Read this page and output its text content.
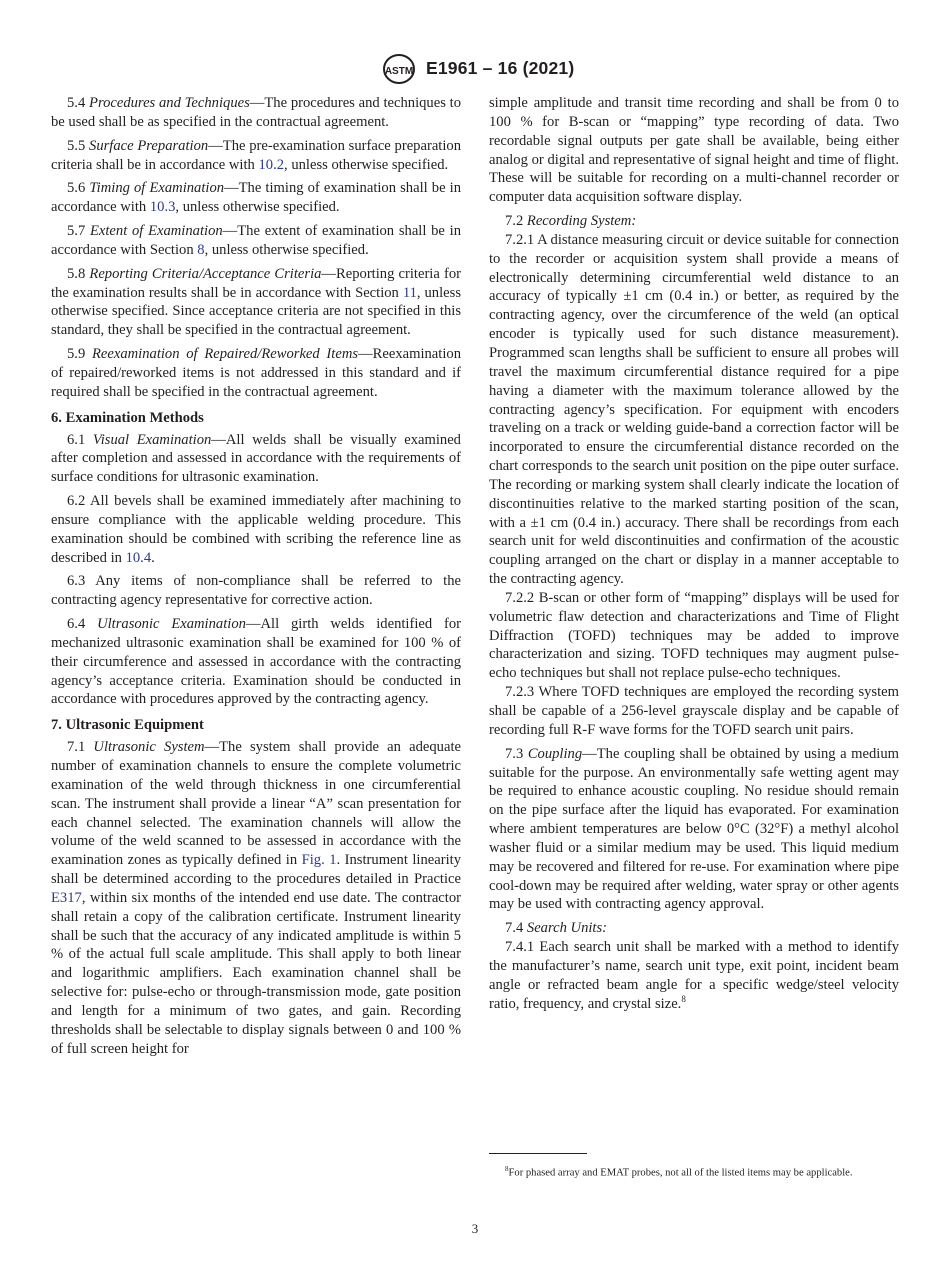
ASTM E1961 – 16 (2021)

5.4 Procedures and Techniques—The procedures and techniques to be used shall be as specified in the contractual agreement.

5.5 Surface Preparation—The pre-examination surface preparation criteria shall be in accordance with 10.2, unless otherwise specified.

5.6 Timing of Examination—The timing of examination shall be in accordance with 10.3, unless otherwise specified.

5.7 Extent of Examination—The extent of examination shall be in accordance with Section 8, unless otherwise specified.

5.8 Reporting Criteria/Acceptance Criteria—Reporting criteria for the examination results shall be in accordance with Section 11, unless otherwise specified. Since acceptance criteria are not specified in this standard, they shall be specified in the contractual agreement.

5.9 Reexamination of Repaired/Reworked Items—Reexamination of repaired/reworked items is not addressed in this standard and if required shall be specified in the contractual agreement.

6. Examination Methods

6.1 Visual Examination—All welds shall be visually examined after completion and assessed in accordance with the requirements of surface conditions for ultrasonic examination.

6.2 All bevels shall be examined immediately after machining to ensure compliance with the applicable welding procedure. This examination should be combined with scribing the reference line as described in 10.4.

6.3 Any items of non-compliance shall be referred to the contracting agency representative for corrective action.

6.4 Ultrasonic Examination—All girth welds identified for mechanized ultrasonic examination shall be examined for 100 % of their circumference and assessed in accordance with the contracting agency’s acceptance criteria. Examination should be conducted in accordance with procedures approved by the contracting agency.

7. Ultrasonic Equipment

7.1 Ultrasonic System—The system shall provide an adequate number of examination channels to ensure the complete volumetric examination of the weld through thickness in one circumferential scan. The instrument shall provide a linear “A” scan presentation for each channel selected. The examination channels will allow the volume of the weld scanned to be assessed in accordance with the examination zones as typically defined in Fig. 1. Instrument linearity shall be determined according to the procedures detailed in Practice E317, within six months of the intended end use date. The contractor shall retain a copy of the calibration certificate. Instrument linearity shall be such that the accuracy of any indicated amplitude is within 5 % of the actual full scale amplitude. This shall apply to both linear and logarithmic amplifiers. Each examination channel shall be selective for: pulse-echo or through-transmission mode, gate position and length for a minimum of two gates, and gain. Recording thresholds shall be selectable to display signals between 0 and 100 % of full screen height for

simple amplitude and transit time recording and shall be from 0 to 100 % for B-scan or “mapping” type recording of data. Two recordable signal outputs per gate shall be available, being either analog or digital and representative of signal height and time of flight. These will be suitable for recording on a multi-channel recorder or computer data acquisition software display.

7.2 Recording System:

7.2.1 A distance measuring circuit or device suitable for connection to the recorder or acquisition system shall provide a means of electronically determining circumferential weld distance to an accuracy of typically ±1 cm (0.4 in.) or better, as required by the contracting agency, over the circumference of the weld (an optical encoder is typically used for such distance measurement). Programmed scan lengths shall be sufficient to ensure all probes will travel the maximum circumferential distance required for a pipe having a diameter with the maximum tolerance allowed by the contracting agency’s specification. For equipment with encoders traveling on a track or welding guide-band a correction factor will be incorporated to ensure the circumferential distance recorded on the chart corresponds to the search unit position on the pipe outer surface. The recording or marking system shall clearly indicate the location of discontinuities relative to the marked starting position of the scan, with a ±1 cm (0.4 in.) accuracy. There shall be recordings from each search unit for weld discontinuities and confirmation of the acoustic coupling arranged on the chart or display in a manner acceptable to the contracting agency.

7.2.2 B-scan or other form of “mapping” displays will be used for volumetric flaw detection and characterizations and Time of Flight Diffraction (TOFD) techniques may be added to improve characterization and sizing. TOFD techniques may augment pulse-echo techniques but shall not replace pulse-echo techniques.

7.2.3 Where TOFD techniques are employed the recording system shall be capable of a 256-level grayscale display and be capable of recording full R-F wave forms for the TOFD search unit pairs.

7.3 Coupling—The coupling shall be obtained by using a medium suitable for the purpose. An environmentally safe wetting agent may be required to enhance acoustic coupling. No residue should remain on the pipe surface after the liquid has evaporated. For examination where ambient temperatures are below 0°C (32°F) a methyl alcohol washer fluid or a similar medium may be used. This liquid medium may be recovered and filtered for re-use. For examination where pipe cool-down may be required after welding, water spray or other agents may be used with contracting agency approval.

7.4 Search Units:

7.4.1 Each search unit shall be marked with a method to identify the manufacturer’s name, search unit type, exit point, incident beam angle or refracted beam angle for a specific wedge/steel velocity ratio, frequency, and crystal size.$^8$

$^8$For phased array and EMAT probes, not all of the listed items may be applicable.
3
